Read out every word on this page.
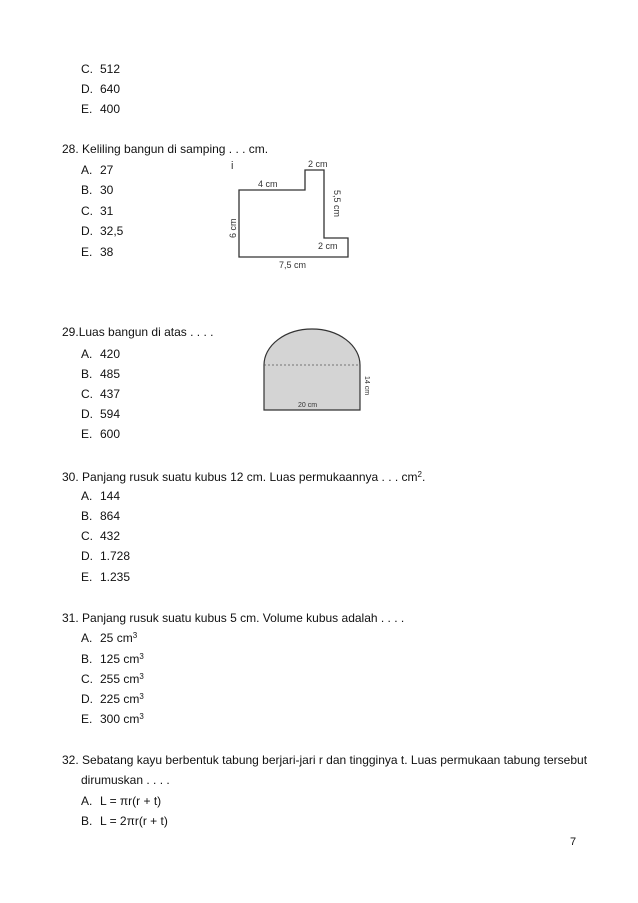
C. 512
D. 640
E. 400
28. Keliling bangun di samping . . . cm.
A. 27
B. 30
C. 31
D. 32,5
E. 38
i	2 cm
4 cm
5,5 cm
6 cm
2 cm
7,5 cm
29.Luas bangun di atas . . . .
A. 420
B. 485
C. 437
D. 594
E. 600
20 cm
14 cm
30. Panjang rusuk suatu kubus 12 cm. Luas permukaannya . . . $cm^2$.
A. 144
B. 864
C. 432
D. 1.728
E. 1.235
31. Panjang rusuk suatu kubus 5 cm. Volume kubus adalah . . . .
A. 25 $cm^3$
B. 125 $cm^3$
C. 255 $cm^3$
D. 225 $cm^3$
E. 300 $cm^3$
32. Sebatang kayu berbentuk tabung berjari-jari r dan tingginya t. Luas permukaan tabung tersebut
dirumuskan . . . .
A. L = πr(r + t)
B. L = 2πr(r + t)
7
